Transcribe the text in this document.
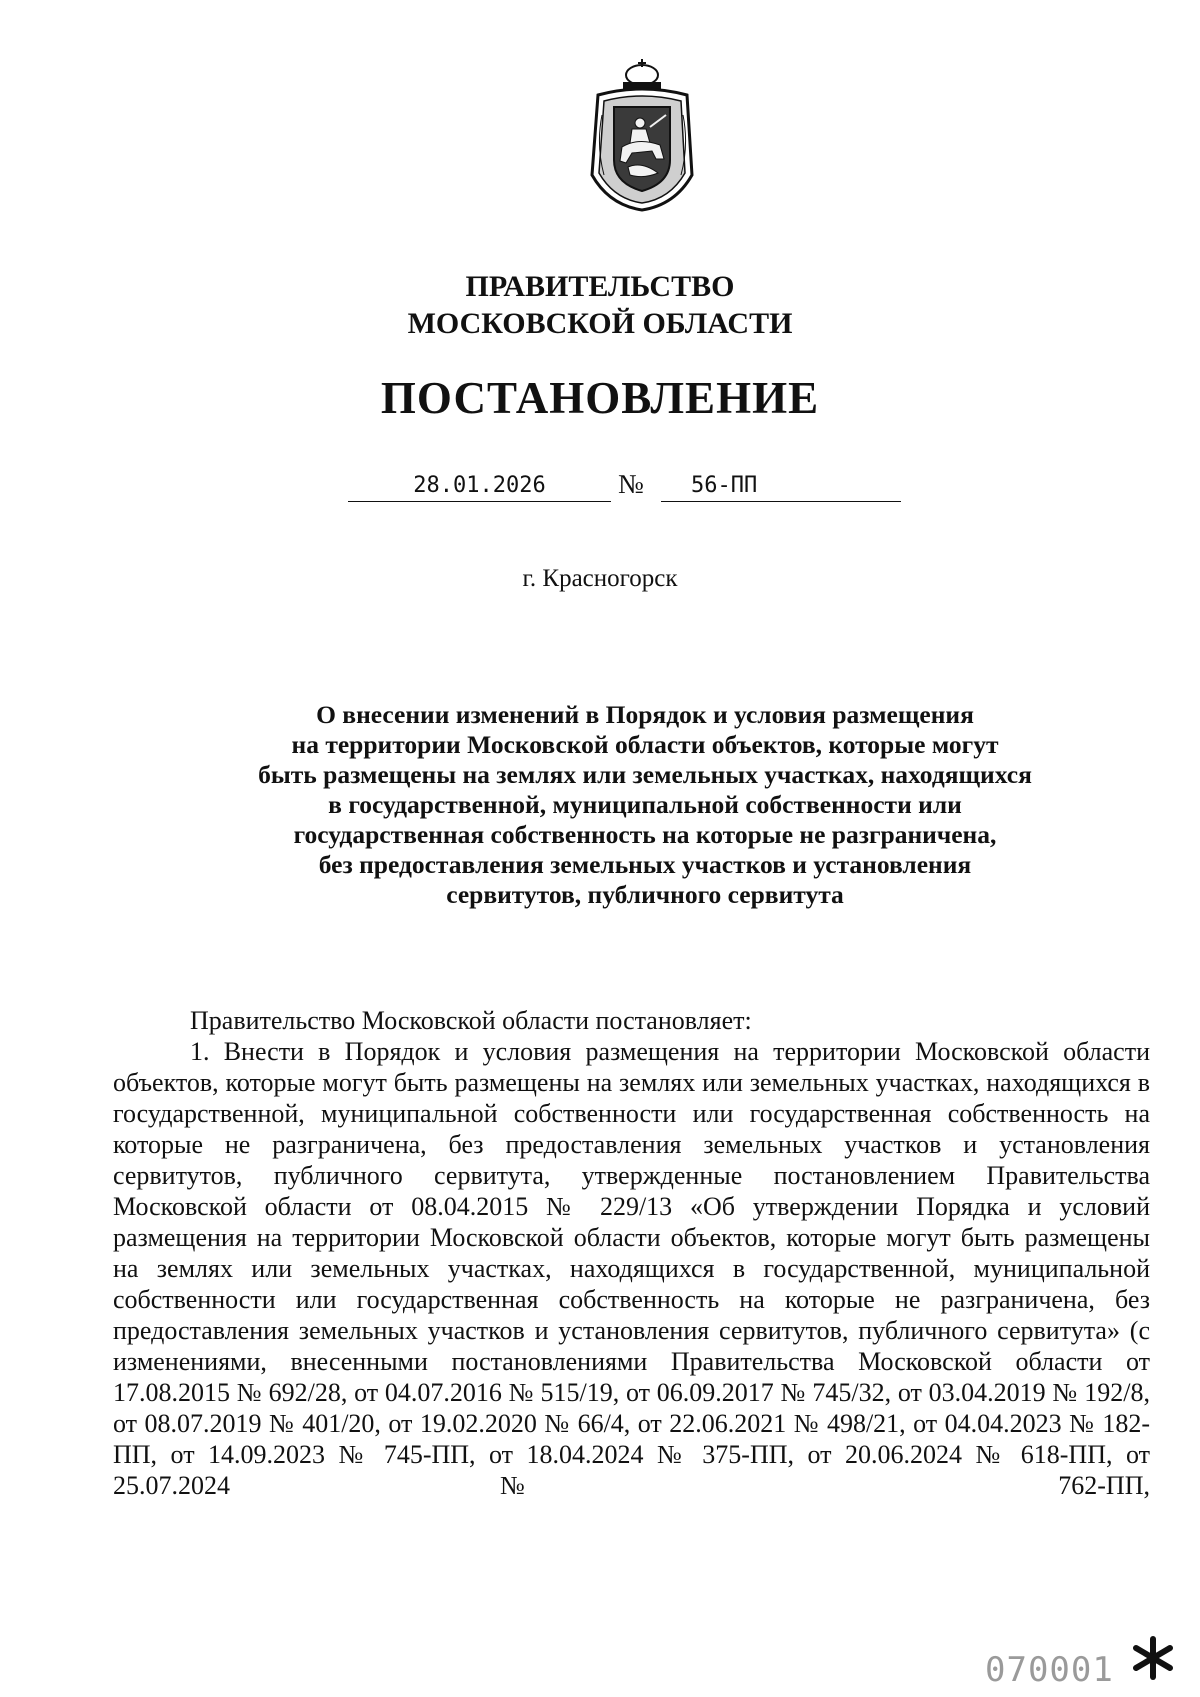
ПРАВИТЕЛЬСТВО
МОСКОВСКОЙ ОБЛАСТИ
ПОСТАНОВЛЕНИЕ
28.01.2026	№	56-ПП
г. Красногорск
О внесении изменений в Порядок и условия размещения
на территории Московской области объектов, которые могут
быть размещены на землях или земельных участках, находящихся
в государственной, муниципальной собственности или
государственная собственность на которые не разграничена,
без предоставления земельных участков и установления
сервитутов, публичного сервитута

Правительство Московской области постановляет:

1. Внести в Порядок и условия размещения на территории Московской области объектов, которые могут быть размещены на землях или земельных участках, находящихся в государственной, муниципальной собственности или государственная собственность на которые не разграничена, без предоставления земельных участков и установления сервитутов, публичного сервитута, утвержденные постановлением Правительства Московской области от 08.04.2015 № 229/13 «Об утверждении Порядка и условий размещения на территории Московской области объектов, которые могут быть размещены на землях или земельных участках, находящихся в государственной, муниципальной собственности или государственная собственность на которые не разграничена, без предоставления земельных участков и установления сервитутов, публичного сервитута» (с изменениями, внесенными постановлениями Правительства Московской области от 17.08.2015 № 692/28, от 04.07.2016 № 515/19, от 06.09.2017 № 745/32, от 03.04.2019 № 192/8, от 08.07.2019 № 401/20, от 19.02.2020 № 66/4, от 22.06.2021 № 498/21, от 04.04.2023 № 182-ПП, от 14.09.2023 № 745-ПП, от 18.04.2024 № 375-ПП, от 20.06.2024 № 618-ПП, от 25.07.2024 № 762-ПП,

070001
